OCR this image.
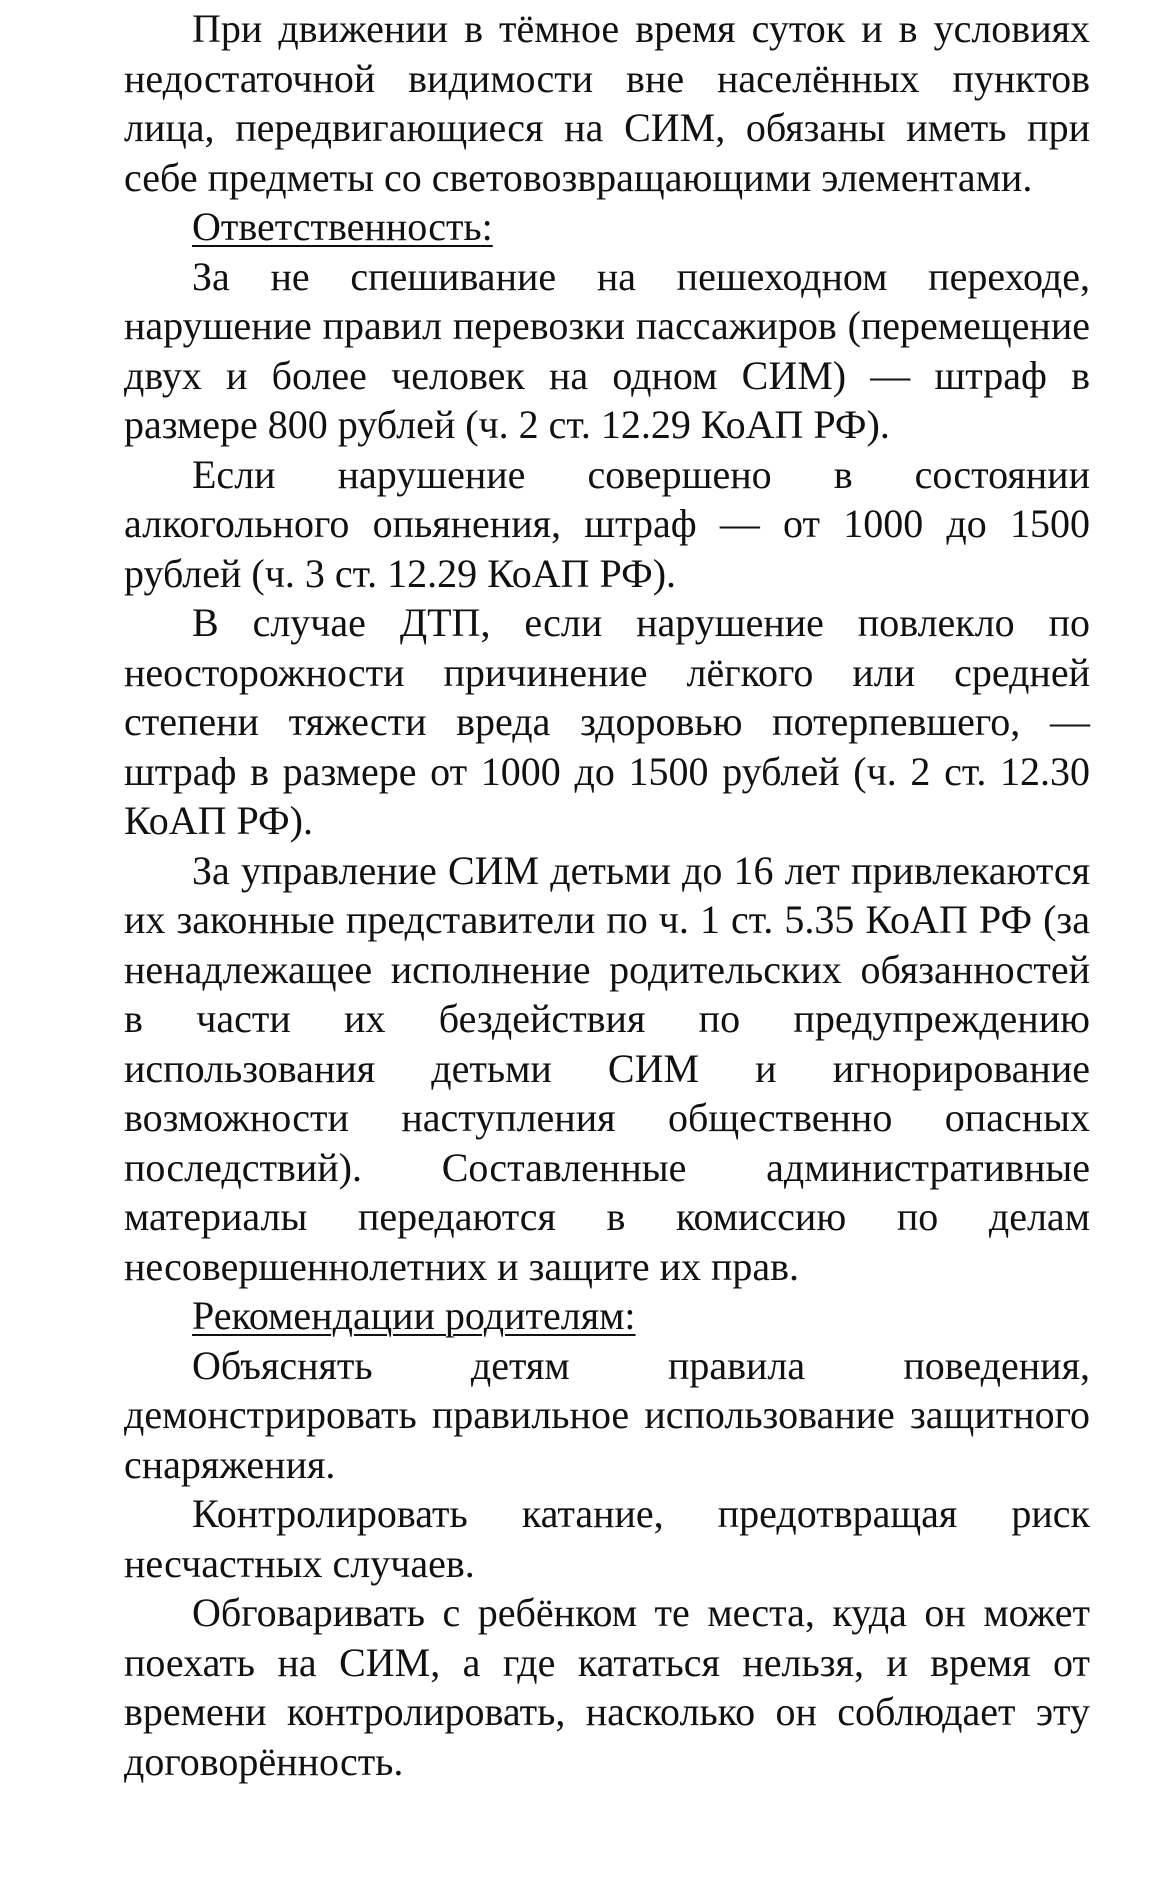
При движении в тёмное время суток и в условиях недостаточной видимости вне населённых пунктов лица, передвигающиеся на СИМ, обязаны иметь при себе предметы со световозвращающими элементами.

Ответственность:

За не спешивание на пешеходном переходе, нарушение правил перевозки пассажиров (перемещение двух и более человек на одном СИМ) — штраф в размере 800 рублей (ч. 2 ст. 12.29 КоАП РФ).

Если нарушение совершено в состоянии алкогольного опьянения, штраф — от 1000 до 1500 рублей (ч. 3 ст. 12.29 КоАП РФ).

В случае ДТП, если нарушение повлекло по неосторожности причинение лёгкого или средней степени тяжести вреда здоровью потерпевшего, — штраф в размере от 1000 до 1500 рублей (ч. 2 ст. 12.30 КоАП РФ).

За управление СИМ детьми до 16 лет привлекаются их законные представители по ч. 1 ст. 5.35 КоАП РФ (за ненадлежащее исполнение родительских обязанностей в части их бездействия по предупреждению использования детьми СИМ и игнорирование возможности наступления общественно опасных последствий). Составленные административные материалы передаются в комиссию по делам несовершеннолетних и защите их прав.

Рекомендации родителям:

Объяснять детям правила поведения, демонстрировать правильное использование защитного снаряжения.

Контролировать катание, предотвращая риск несчастных случаев.

Обговаривать с ребёнком те места, куда он может поехать на СИМ, а где кататься нельзя, и время от времени контролировать, насколько он соблюдает эту договорённость.
